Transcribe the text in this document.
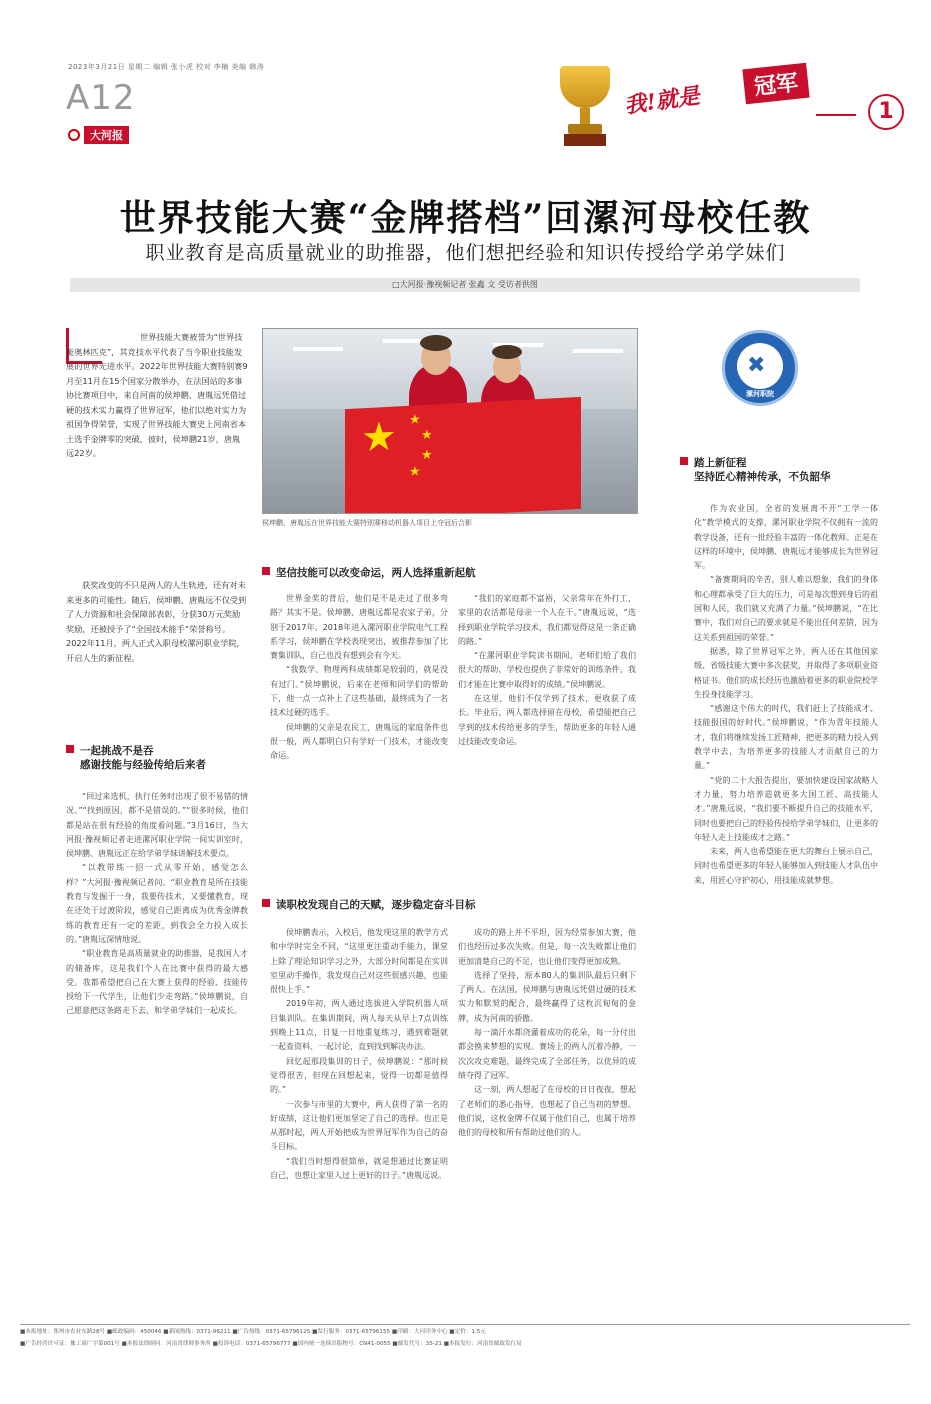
2023年3月21日 星期二 编辑 张小虎 校对 李楠 美编 韩涛
A12
大河报
我!就是	冠军
1
世界技能大赛“金牌搭档”回漯河母校任教
职业教育是高质量就业的助推器，他们想把经验和知识传授给学弟学妹们
□大河报·豫视频记者 张鑫 文 受访者供图
世界技能大赛被誉为“世界技能奥林匹克”，其竞技水平代表了当今职业技能发展的世界先进水平。2022年世界技能大赛特别赛9月至11月在15个国家分散举办，在法国站的多事协比赛项目中，来自河南的侯坤鹏、唐胤远凭借过硬的技术实力赢得了世界冠军，他们以绝对实力为祖国争得荣誉，实现了世界技能大赛史上河南省本土选手金牌零的突破，彼时，侯坤鹏21岁，唐胤远22岁。
获奖改变的不只是两人的人生轨迹，还有对未来更多的可能性。随后，侯坤鹏、唐胤远不仅受到了人力资源和社会保障部表彰，分获30万元奖励奖励，还被授予了“全国技术能手”荣誉称号。2022年11月，两人正式入职母校漯河职业学院，开启人生的新征程。
★ ★
★
★
★
侯坤鹏、唐胤远在世界技能大赛特别赛移动机器人项目上夺冠后合影
✖
漯河职院
一起挑战不是吞
感谢技能与经验传给后来者

“回过来选机，执行任务时出现了很不易错的情况。”“找到原因，都不是错误的。”“很多时候，他们都是站在很有经验的角度看问题。”3月16日，当大河报·豫视频记者走进漯河职业学院一间实训室时，侯坤鹏、唐胤远正在给学弟学妹讲解技术要点。

“以教带练一招一式从零开始，感觉怎么样？”大河报·豫视频记者问。“职业教育是所在技能教育与发掘于一身，我要传技术，又要懂教育，现在还处于过渡阶段，感觉自己距离成为优秀金牌教练的教育还有一定的差距，到我会全力投入成长的。”唐胤远深情地说。

“职业教育是高质量就业的助推器，是我国人才的储备库，这是我们个人在比赛中获得的最大感受。我都希望把自己在大赛上获得的经验、技能传授给下一代学生，让他们少走弯路。”侯坤鹏说，自己愿意把这条路走下去，和学弟学妹们一起成长。

坚信技能可以改变命运，两人选择重新起航

世界金奖的背后，他们是不是走过了很多弯路？其实不是。侯坤鹏、唐胤远都是农家子弟，分别于2017年、2018年进入漯河职业学院电气工程系学习，侯坤鹏在学校表现突出，被推荐参加了比赛集训队，自己也没有想到会有今天。

“我数学、物理两科成绩都是较弱的，就是没有过门。”侯坤鹏说，后来在老师和同学们的帮助下，他一点一点补上了这些基础，最终成为了一名技术过硬的选手。

侯坤鹏的父亲是农民工，唐胤远的家庭条件也很一般，两人都明白只有学好一门技术，才能改变命运。

“我们的家庭都不富裕，父亲常年在外打工，家里的农活都是母亲一个人在干。”唐胤远说，“选择到职业学院学习技术，我们都觉得这是一条正确的路。”

“在漯河职业学院读书期间，老师们给了我们很大的帮助，学校也提供了非常好的训练条件，我们才能在比赛中取得好的成绩。”侯坤鹏说。

在这里，他们不仅学到了技术，更收获了成长。毕业后，两人都选择留在母校，希望能把自己学到的技术传给更多的学生，帮助更多的年轻人通过技能改变命运。

读职校发现自己的天赋，逐步稳定奋斗目标

侯坤鹏表示，入校后，他发现这里的教学方式和中学时完全不同，“这里更注重动手能力，课堂上除了理论知识学习之外，大部分时间都是在实训室里动手操作，我发现自己对这些很感兴趣，也能很快上手。”

2019年初，两人通过选拔进入学院机器人项目集训队。在集训期间，两人每天从早上7点训练到晚上11点，日复一日地重复练习，遇到难题就一起查资料、一起讨论，直到找到解决办法。

回忆起那段集训的日子，侯坤鹏说：“那时候觉得很苦，但现在回想起来，觉得一切都是值得的。”

一次参与市里的大赛中，两人获得了第一名的好成绩，这让他们更加坚定了自己的选择。也正是从那时起，两人开始把成为世界冠军作为自己的奋斗目标。

“我们当时想得很简单，就是想通过比赛证明自己，也想让家里人过上更好的日子。”唐胤远说。

成功的路上并不平坦，因为经常参加大赛，他们也经历过多次失败。但是，每一次失败都让他们更加清楚自己的不足，也让他们变得更加成熟。

选择了坚持，原本80人的集训队最后只剩下了两人。在法国，侯坤鹏与唐胤远凭借过硬的技术实力和默契的配合，最终赢得了这枚沉甸甸的金牌，成为河南的骄傲。

每一滴汗水都浇灌着成功的花朵，每一分付出都会换来梦想的实现。赛场上的两人沉着冷静，一次次攻克难题，最终完成了全部任务，以优异的成绩夺得了冠军。

这一刻，两人想起了在母校的日日夜夜，想起了老师们的悉心指导，也想起了自己当初的梦想。他们说，这枚金牌不仅属于他们自己，也属于培养他们的母校和所有帮助过他们的人。

踏上新征程
坚持匠心精神传承，不负韶华

作为农业国，全省的发展离不开“工学一体化”教学模式的支撑，漯河职业学院不仅拥有一流的教学设备，还有一批经验丰富的一体化教师。正是在这样的环境中，侯坤鹏、唐胤远才能够成长为世界冠军。

“备赛期间的辛苦，别人难以想象，我们的身体和心理都承受了巨大的压力，可是每次想到身后的祖国和人民，我们就又充满了力量。”侯坤鹏说，“在比赛中，我们对自己的要求就是不能出任何差错，因为这关系到祖国的荣誉。”

据悉，除了世界冠军之外，两人还在其他国家级、省级技能大赛中多次获奖，并取得了多项职业资格证书。他们的成长经历也激励着更多的职业院校学生投身技能学习。

“感谢这个伟大的时代，我们赶上了技能成才、技能报国的好时代。”侯坤鹏说，“作为青年技能人才，我们将继续发扬工匠精神，把更多的精力投入到教学中去，为培养更多的技能人才贡献自己的力量。”

“党的二十大报告提出，要加快建设国家战略人才力量，努力培养造就更多大国工匠、高技能人才。”唐胤远说，“我们要不断提升自己的技能水平，同时也要把自己的经验传授给学弟学妹们，让更多的年轻人走上技能成才之路。”

未来，两人也希望能在更大的舞台上展示自己，同时也希望更多的年轻人能够加入到技能人才队伍中来，用匠心守护初心，用技能成就梦想。

■本报地址：郑州市农业东路28号 ■邮政编码：450046 ■新闻热线：0371-96211 ■广告热线：0371-65796125 ■发行服务：0371-65796155 ■印刷：大河印务中心 ■定价：1.5元
■广告经营许可证：豫工商广字第001号 ■本报法律顾问：河南省律师事务所 ■投诉电话：0371-65796777 ■国内统一连续出版物号：CN41-0055 ■邮发代号：35-21 ■本报发行：河南省邮政发行局
